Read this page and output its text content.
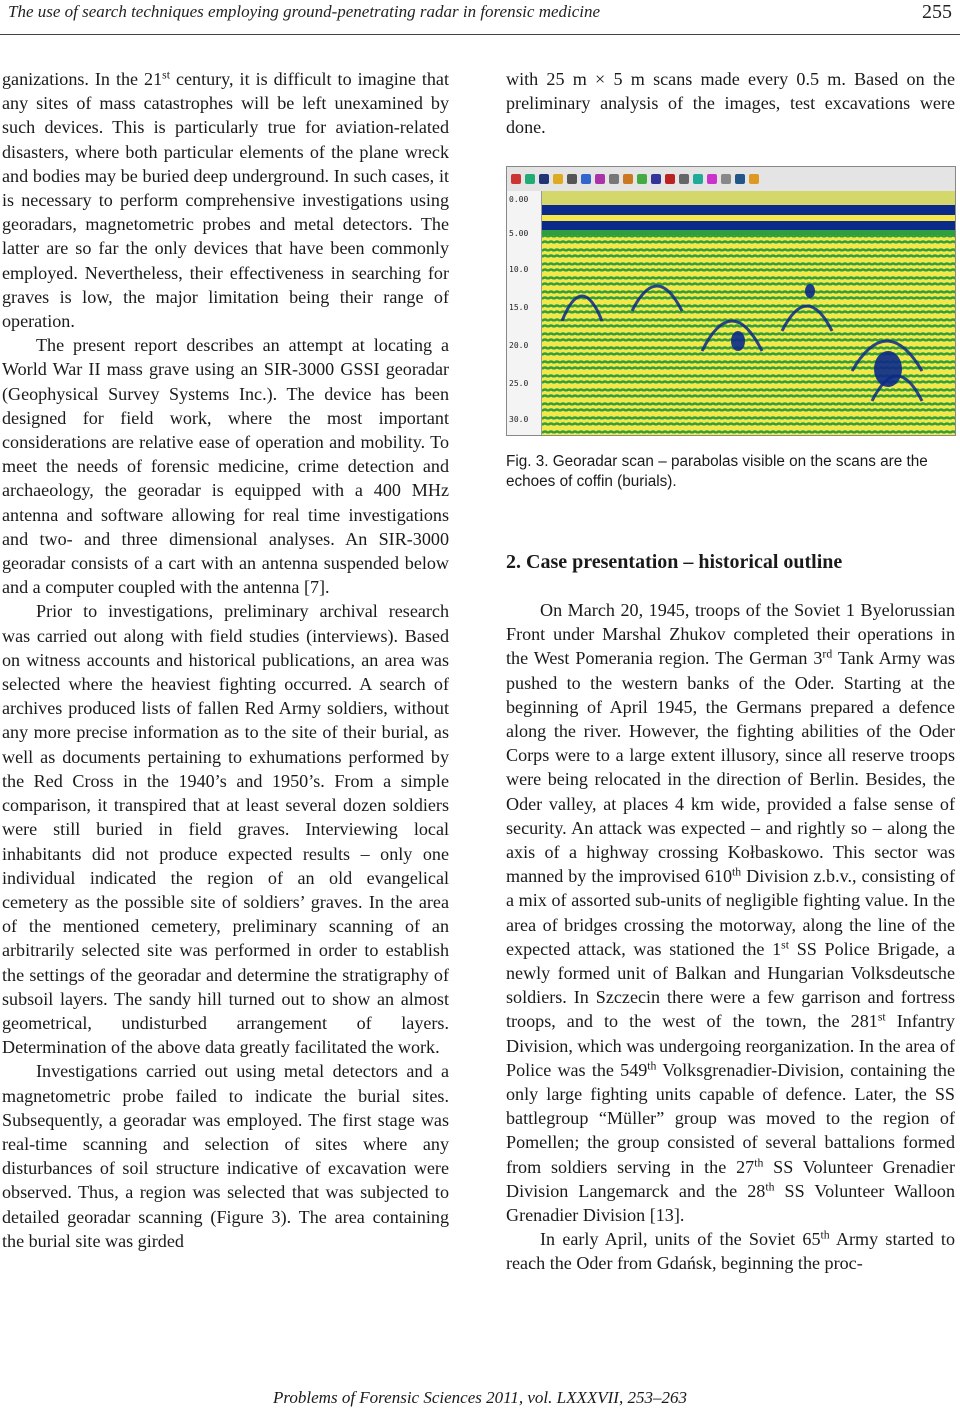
The use of search techniques employing ground-penetrating radar in forensic medicine	255

ganizations. In the 21st century, it is difficult to imagine that any sites of mass catastrophes will be left unexamined by such devices. This is particularly true for aviation-related disasters, where both particular elements of the plane wreck and bodies may be buried deep underground. In such cases, it is necessary to perform comprehensive investigations using georadars, magnetometric probes and metal detectors. The latter are so far the only devices that have been commonly employed. Nevertheless, their effectiveness in searching for graves is low, the major limitation being their range of operation.

The present report describes an attempt at locating a World War II mass grave using an SIR-3000 GSSI georadar (Geophysical Survey Systems Inc.). The device has been designed for field work, where the most important considerations are relative ease of operation and mobility. To meet the needs of forensic medicine, crime detection and archaeology, the georadar is equipped with a 400 MHz antenna and software allowing for real time investigations and two- and three dimensional analyses. An SIR-3000 georadar consists of a cart with an antenna suspended below and a computer coupled with the antenna [7].

Prior to investigations, preliminary archival research was carried out along with field studies (interviews). Based on witness accounts and historical publications, an area was selected where the heaviest fighting occurred. A search of archives produced lists of fallen Red Army soldiers, without any more precise information as to the site of their burial, as well as documents pertaining to exhumations performed by the Red Cross in the 1940’s and 1950’s. From a simple comparison, it transpired that at least several dozen soldiers were still buried in field graves. Interviewing local inhabitants did not produce expected results – only one individual indicated the region of an old evangelical cemetery as the possible site of soldiers’ graves. In the area of the mentioned cemetery, preliminary scanning of an arbitrarily selected site was performed in order to establish the settings of the georadar and determine the stratigraphy of subsoil layers. The sandy hill turned out to show an almost geometrical, undisturbed arrangement of layers. Determination of the above data greatly facilitated the work.

Investigations carried out using metal detectors and a magnetometric probe failed to indicate the burial sites. Subsequently, a georadar was employed. The first stage was real-time scanning and selection of sites where any disturbances of soil structure indicative of excavation were observed. Thus, a region was selected that was subjected to detailed georadar scanning (Figure 3). The area containing the burial site was girded

with 25 m × 5 m scans made every 0.5 m. Based on the preliminary analysis of the images, test excavations were done.

0.00
5.00
10.0
15.0
20.0
25.0
30.0
Fig. 3. Georadar scan – parabolas visible on the scans are the echoes of coffin (burials).
2. Case presentation – historical outline

On March 20, 1945, troops of the Soviet 1 Byelorussian Front under Marshal Zhukov completed their operations in the West Pomerania region. The German 3rd Tank Army was pushed to the western banks of the Oder. Starting at the beginning of April 1945, the Germans prepared a defence along the river. However, the fighting abilities of the Oder Corps were to a large extent illusory, since all reserve troops were being relocated in the direction of Berlin. Besides, the Oder valley, at places 4 km wide, provided a false sense of security. An attack was expected – and rightly so – along the axis of a highway crossing Kołbaskowo. This sector was manned by the improvised 610th Division z.b.v., consisting of a mix of assorted sub-units of negligible fighting value. In the area of bridges crossing the motorway, along the line of the expected attack, was stationed the 1st SS Police Brigade, a newly formed unit of Balkan and Hungarian Volksdeutsche soldiers. In Szczecin there were a few garrison and fortress troops, and to the west of the town, the 281st Infantry Division, which was undergoing reorganization. In the area of Police was the 549th Volksgrenadier-Division, containing the only large fighting units capable of defence. Later, the SS battlegroup “Müller” group was moved to the region of Pomellen; the group consisted of several battalions formed from soldiers serving in the 27th SS Volunteer Grenadier Division Langemarck and the 28th SS Volunteer Walloon Grenadier Division [13].

In early April, units of the Soviet 65th Army started to reach the Oder from Gdańsk, beginning the proc-

Problems of Forensic Sciences 2011, vol. LXXXVII, 253–263
